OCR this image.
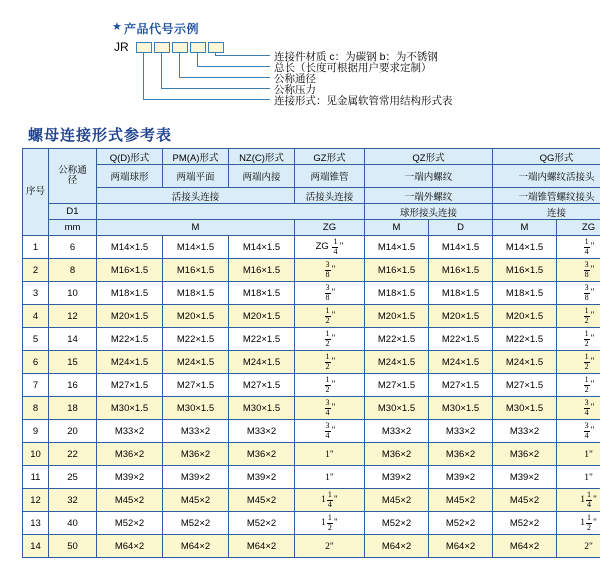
★ 产品代号示例
JR
连接件材质 c：为碳钢 b：为不锈钢
总长（长度可根据用户要求定制）
公称通径
公称压力
连接形式：见金属软管常用结构形式表
螺母连接形式参考表
序号	公称通径	Q(D)形式	PM(A)形式	NZ(C)形式	GZ形式	QZ形式		QG形式	
		两端球形	两端平面	两端内接	两端锥管	一端内螺纹		一端内螺纹活接头	
		活接头连接			活接头连接	一端外螺纹		一端锥管螺纹接头	
	D1					球形接头连接		连接	
	mm	M			ZG	M	D	M	ZG
1	6	M14×1.5	M14×1.5	M14×1.5	ZG $\frac{1}{4}$ "	M14×1.5	M14×1.5	M14×1.5	$\frac{1}{4}$ "
2	8	M16×1.5	M16×1.5	M16×1.5	$\frac{3}{8}$ "	M16×1.5	M16×1.5	M16×1.5	$\frac{3}{8}$ "
3	10	M18×1.5	M18×1.5	M18×1.5	$\frac{3}{8}$ "	M18×1.5	M18×1.5	M18×1.5	$\frac{3}{8}$ "
4	12	M20×1.5	M20×1.5	M20×1.5	$\frac{1}{2}$ "	M20×1.5	M20×1.5	M20×1.5	$\frac{1}{2}$ "
5	14	M22×1.5	M22×1.5	M22×1.5	$\frac{1}{2}$ "	M22×1.5	M22×1.5	M22×1.5	$\frac{1}{2}$ "
6	15	M24×1.5	M24×1.5	M24×1.5	$\frac{1}{2}$ "	M24×1.5	M24×1.5	M24×1.5	$\frac{1}{2}$ "
7	16	M27×1.5	M27×1.5	M27×1.5	$\frac{1}{2}$ "	M27×1.5	M27×1.5	M27×1.5	$\frac{1}{2}$ "
8	18	M30×1.5	M30×1.5	M30×1.5	$\frac{3}{4}$ "	M30×1.5	M30×1.5	M30×1.5	$\frac{3}{4}$ "
9	20	M33×2	M33×2	M33×2	$\frac{3}{4}$ "	M33×2	M33×2	M33×2	$\frac{3}{4}$ "
10	22	M36×2	M36×2	M36×2	1"	M36×2	M36×2	M36×2	1"
11	25	M39×2	M39×2	M39×2	1"	M39×2	M39×2	M39×2	1"
12	32	M45×2	M45×2	M45×2	$1 \frac{1}{4}$ "	M45×2	M45×2	M45×2	$1 \frac{1}{4}$ "
13	40	M52×2	M52×2	M52×2	$1 \frac{1}{2}$ "	M52×2	M52×2	M52×2	$1 \frac{1}{2}$ "
14	50	M64×2	M64×2	M64×2	2"	M64×2	M64×2	M64×2	2"
